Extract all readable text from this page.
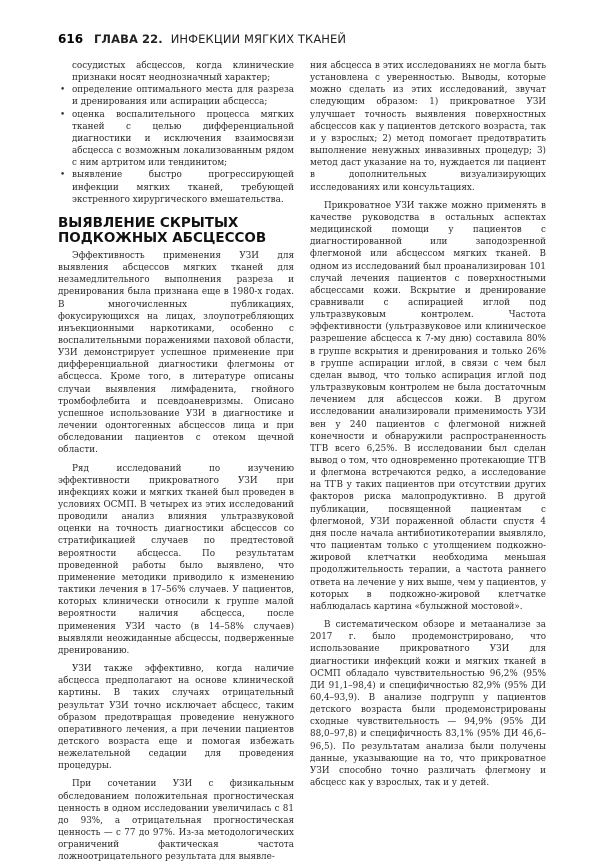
616 ГЛАВА 22. ИНФЕКЦИИ МЯГКИХ ТКАНЕЙ
сосудистых абсцессов, когда клинические признаки носят неоднозначный характер;
• определение оптимального места для разреза и дренирования или аспирации абсцесса;
• оценка воспалительного процесса мягких тканей с целью дифференциальной диагностики и исключения взаимосвязи абсцесса с возможным локализованным рядом с ним артритом или тендинитом;
• выявление быстро прогрессирующей инфекции мягких тканей, требующей экстренного хирургического вмешательства.
ВЫЯВЛЕНИЕ СКРЫТЫХ ПОДКОЖНЫХ АБСЦЕССОВ

Эффективность применения УЗИ для выявления абсцессов мягких тканей для незамедлительного выполнения разреза и дренирования была признана еще в 1980-х годах. В многочисленных публикациях, фокусирующихся на лицах, злоупотребляющих инъекционными наркотиками, особенно с воспалительными поражениями паховой области, УЗИ демонстрирует успешное применение при дифференциальной диагностики флегмоны от абсцесса. Кроме того, в литературе описаны случаи выявления лимфаденита, гнойного тромбофлебита и псевдоаневризмы. Описано успешное использование УЗИ в диагностике и лечении одонтогенных абсцессов лица и при обследовании пациентов с отеком щечной области.

Ряд исследований по изучению эффективности прикроватного УЗИ при инфекциях кожи и мягких тканей был проведен в условиях ОСМП. В четырех из этих исследований проводили анализ влияния ультразвуковой оценки на точность диагностики абсцессов со стратификацией случаев по предтестовой вероятности абсцесса. По результатам проведенной работы было выявлено, что применение методики приводило к изменению тактики лечения в 17–56% случаев. У пациентов, которых клинически относили к группе малой вероятности наличия абсцесса, после применения УЗИ часто (в 14–58% случаев) выявляли неожиданные абсцессы, подверженные дренированию.

УЗИ также эффективно, когда наличие абсцесса предполагают на основе клинической картины. В таких случаях отрицательный результат УЗИ точно исключает абсцесс, таким образом предотвращая проведение ненужного оперативного лечения, а при лечении пациентов детского возраста еще и помогая избежать нежелательной седации для проведения процедуры.

При сочетании УЗИ с физикальным обследованием положительная прогностическая ценность в одном исследовании увеличилась с 81 до 93%, а отрицательная прогностическая ценность — с 77 до 97%. Из-за методологических ограничений фактическая частота ложноотрицательного результата для выявле-

ния абсцесса в этих исследованиях не могла быть установлена с уверенностью. Выводы, которые можно сделать из этих исследований, звучат следующим образом: 1) прикроватное УЗИ улучшает точность выявления поверхностных абсцессов как у пациентов детского возраста, так и у взрослых; 2) метод помогает предотвратить выполнение ненужных инвазивных процедур; 3) метод даст указание на то, нуждается ли пациент в дополнительных визуализирующих исследованиях или консультациях.

Прикроватное УЗИ также можно применять в качестве руководства в остальных аспектах медицинской помощи у пациентов с диагностированной или заподозренной флегмоной или абсцессом мягких тканей. В одном из исследований был проанализирован 101 случай лечения пациентов с поверхностными абсцессами кожи. Вскрытие и дренирование сравнивали с аспирацией иглой под ультразвуковым контролем. Частота эффективности (ультразвуковое или клиническое разрешение абсцесса к 7-му дню) составила 80% в группе вскрытия и дренирования и только 26% в группе аспирации иглой, в связи с чем был сделан вывод, что только аспирация иглой под ультразвуковым контролем не была достаточным лечением для абсцессов кожи. В другом исследовании анализировали применимость УЗИ вен у 240 пациентов с флегмоной нижней конечности и обнаружили распространенность ТГВ всего 6,25%. В исследовании был сделан вывод о том, что одновременно протекающие ТГВ и флегмона встречаются редко, а исследование на ТГВ у таких пациентов при отсутствии других факторов риска малопродуктивно. В другой публикации, посвященной пациентам с флегмоной, УЗИ пораженной области спустя 4 дня после начала антибиотикотерапии выявляло, что пациентам только с утолщением подкожно-жировой клетчатки необходима меньшая продолжительность терапии, а частота раннего ответа на лечение у них выше, чем у пациентов, у которых в подкожно-жировой клетчатке наблюдалась картина «булыжной мостовой».

В систематическом обзоре и метаанализе за 2017 г. было продемонстрировано, что использование прикроватного УЗИ для диагностики инфекций кожи и мягких тканей в ОСМП обладало чувствительностью 96,2% (95% ДИ 91,1–98,4) и специфичностью 82,9% (95% ДИ 60,4–93,9). В анализе подгрупп у пациентов детского возраста были продемонстрированы сходные чувствительность — 94,9% (95% ДИ 88,0–97,8) и специфичность 83,1% (95% ДИ 46,6–96,5). По результатам анализа были получены данные, указывающие на то, что прикроватное УЗИ способно точно различать флегмону и абсцесс как у взрослых, так и у детей.
